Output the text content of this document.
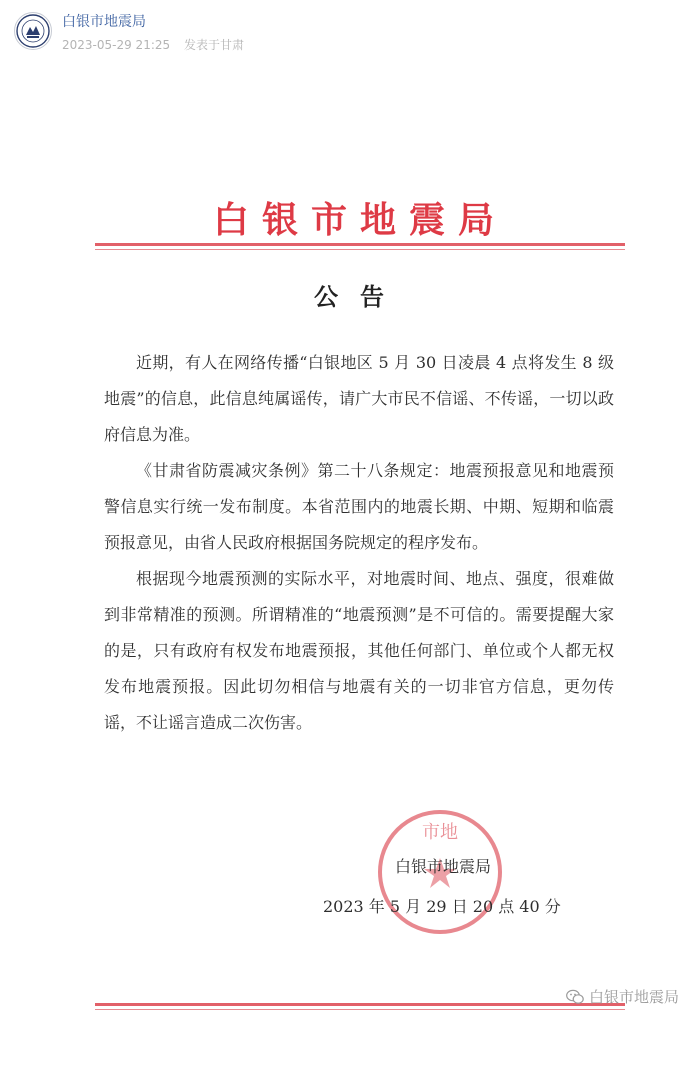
白银市地震局
2023-05-29 21:25 发表于甘肃
白银市地震局
公告

近期，有人在网络传播“白银地区 5 月 30 日凌晨 4 点将发生 8 级地震”的信息，此信息纯属谣传，请广大市民不信谣、不传谣，一切以政府信息为准。

《甘肃省防震减灾条例》第二十八条规定：地震预报意见和地震预警信息实行统一发布制度。本省范围内的地震长期、中期、短期和临震预报意见，由省人民政府根据国务院规定的程序发布。

根据现今地震预测的实际水平，对地震时间、地点、强度，很难做到非常精准的预测。所谓精准的“地震预测”是不可信的。需要提醒大家的是，只有政府有权发布地震预报，其他任何部门、单位或个人都无权发布地震预报。因此切勿相信与地震有关的一切非官方信息，更勿传谣，不让谣言造成二次伤害。

市地
白银市地震局
2023 年 5 月 29 日 20 点 40 分
白银市地震局
